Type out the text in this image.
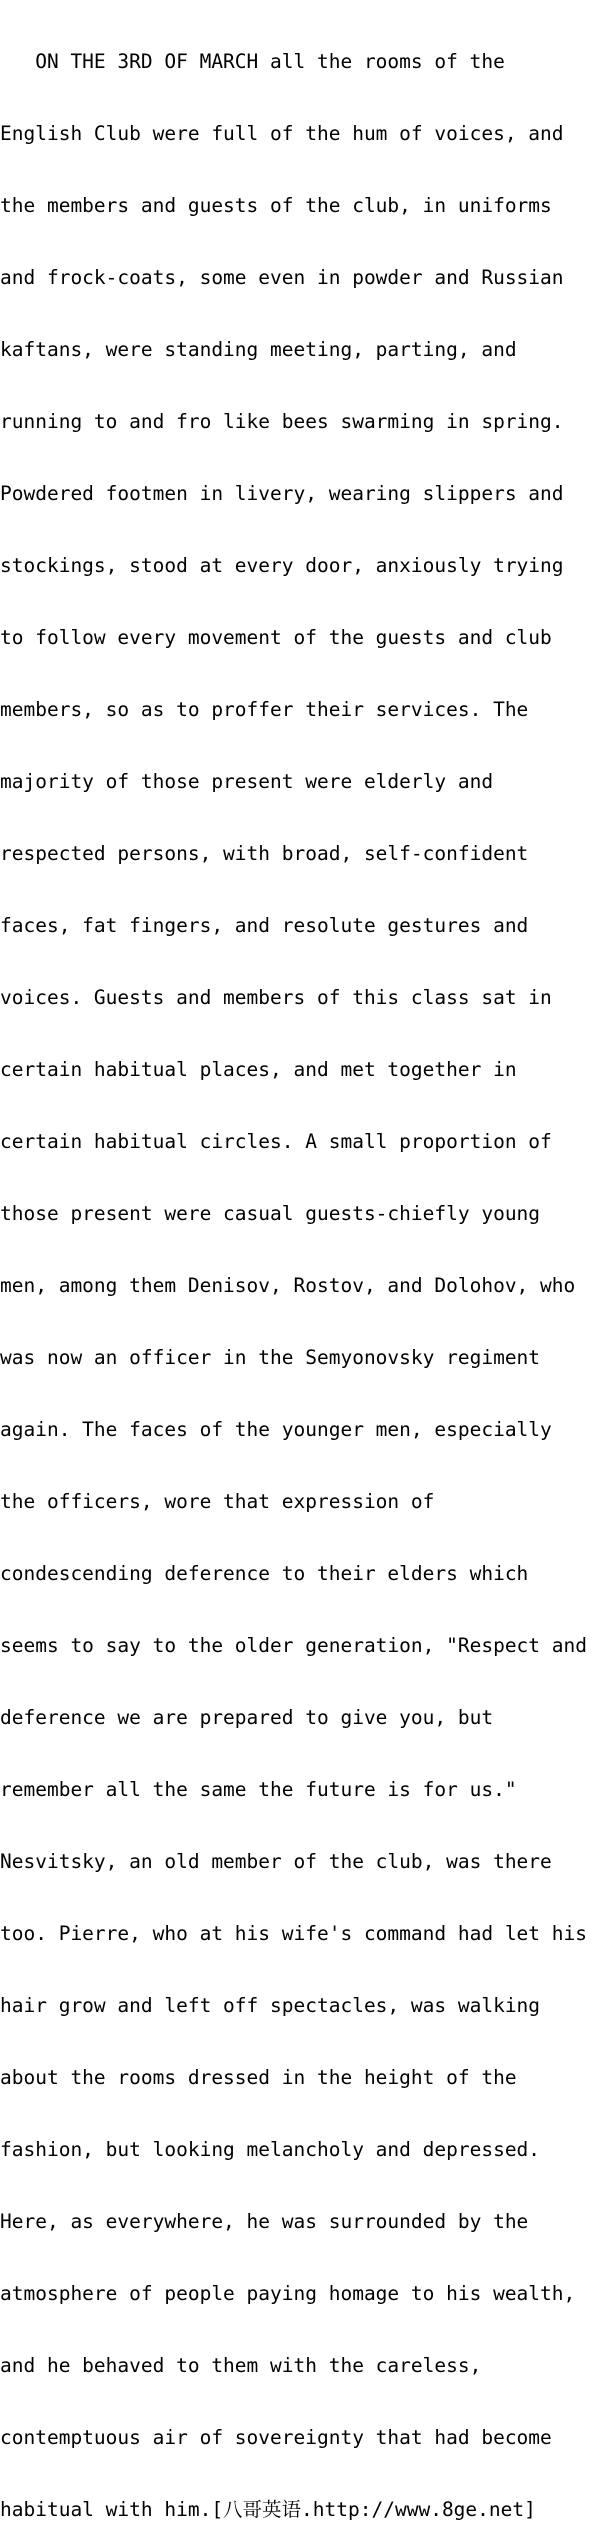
ON THE 3RD OF MARCH all the rooms of the

English Club were full of the hum of voices, and

the members and guests of the club, in uniforms

and frock-coats, some even in powder and Russian

kaftans, were standing meeting, parting, and

running to and fro like bees swarming in spring.

Powdered footmen in livery, wearing slippers and

stockings, stood at every door, anxiously trying

to follow every movement of the guests and club

members, so as to proffer their services. The

majority of those present were elderly and

respected persons, with broad, self-confident

faces, fat fingers, and resolute gestures and

voices. Guests and members of this class sat in

certain habitual places, and met together in

certain habitual circles. A small proportion of

those present were casual guests-chiefly young

men, among them Denisov, Rostov, and Dolohov, who

was now an officer in the Semyonovsky regiment

again. The faces of the younger men, especially

the officers, wore that expression of

condescending deference to their elders which

seems to say to the older generation, "Respect and

deference we are prepared to give you, but

remember all the same the future is for us."

Nesvitsky, an old member of the club, was there

too. Pierre, who at his wife's command had let his

hair grow and left off spectacles, was walking

about the rooms dressed in the height of the

fashion, but looking melancholy and depressed.

Here, as everywhere, he was surrounded by the

atmosphere of people paying homage to his wealth,

and he behaved to them with the careless,

contemptuous air of sovereignty that had become

habitual with him.[八哥英语.http://www.8ge.net]
